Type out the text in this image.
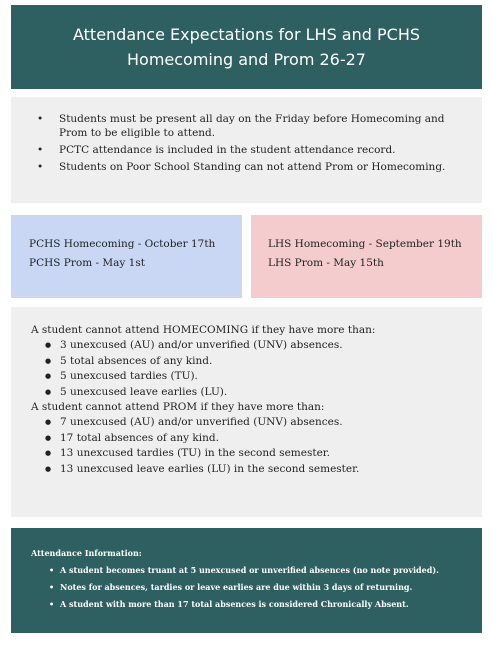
Attendance Expectations for LHS and PCHS
Homecoming and Prom 26-27
• Students must be present all day on the Friday before Homecoming and Prom to be eligible to attend.
• PCTC attendance is included in the student attendance record.
• Students on Poor School Standing can not attend Prom or Homecoming.
PCHS Homecoming - October 17th
PCHS Prom - May 1st
LHS Homecoming - September 19th
LHS Prom - May 15th
A student cannot attend HOMECOMING if they have more than:
● 3 unexcused (AU) and/or unverified (UNV) absences.
● 5 total absences of any kind.
● 5 unexcused tardies (TU).
● 5 unexcused leave earlies (LU).
A student cannot attend PROM if they have more than:
● 7 unexcused (AU) and/or unverified (UNV) absences.
● 17 total absences of any kind.
● 13 unexcused tardies (TU) in the second semester.
● 13 unexcused leave earlies (LU) in the second semester.
Attendance Information:
• A student becomes truant at 5 unexcused or unverified absences (no note provided).
• Notes for absences, tardies or leave earlies are due within 3 days of returning.
• A student with more than 17 total absences is considered Chronically Absent.
